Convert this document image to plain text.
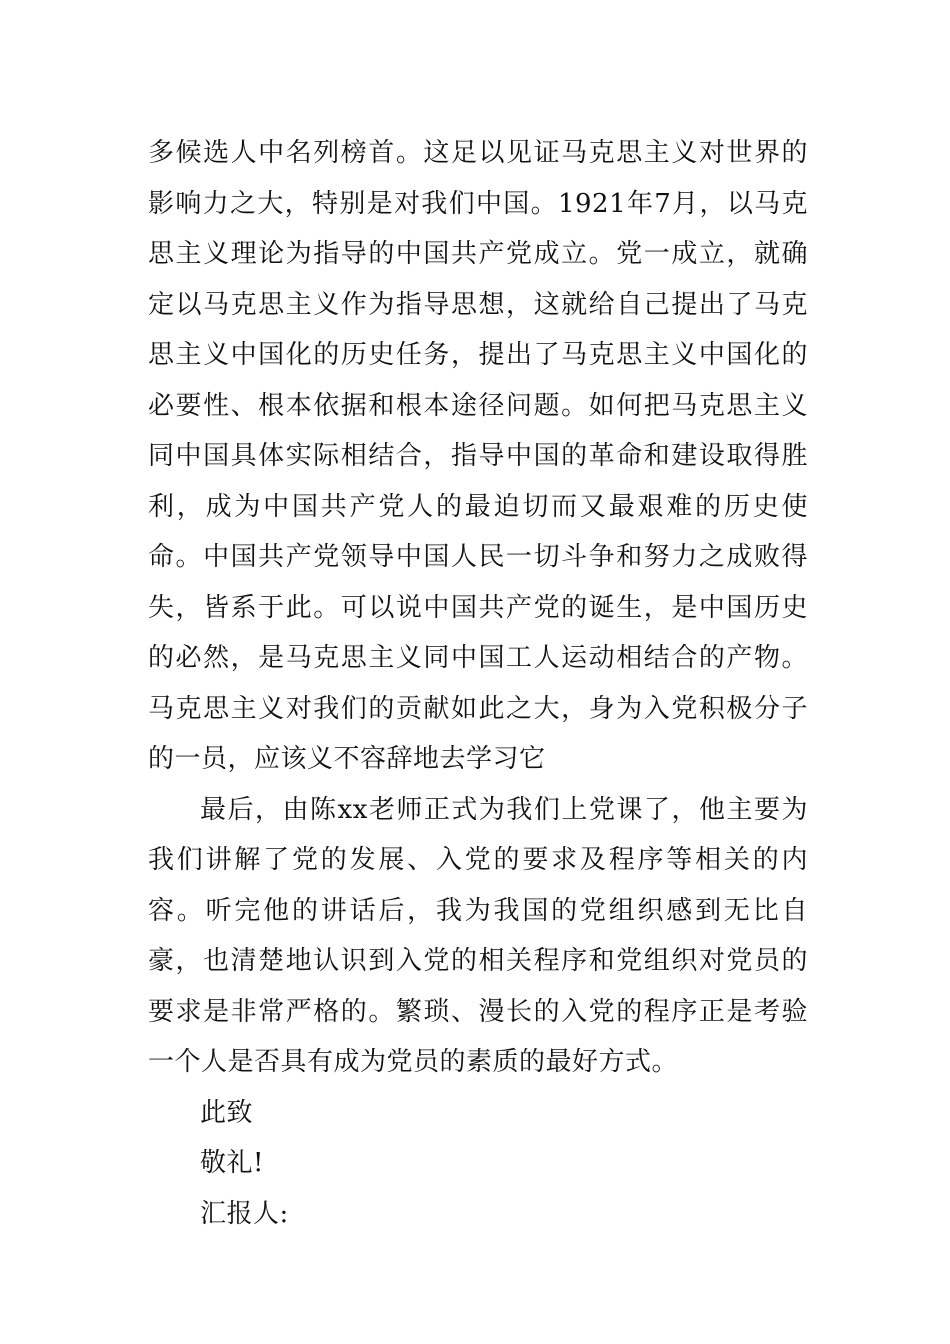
多候选人中名列榜首。这足以见证马克思主义对世界的影响力之大，特别是对我们中国。1921年7月，以马克思主义理论为指导的中国共产党成立。党一成立，就确定以马克思主义作为指导思想，这就给自己提出了马克思主义中国化的历史任务，提出了马克思主义中国化的必要性、根本依据和根本途径问题。如何把马克思主义同中国具体实际相结合，指导中国的革命和建设取得胜利，成为中国共产党人的最迫切而又最艰难的历史使命。中国共产党领导中国人民一切斗争和努力之成败得失，皆系于此。可以说中国共产党的诞生，是中国历史的必然，是马克思主义同中国工人运动相结合的产物。马克思主义对我们的贡献如此之大，身为入党积极分子的一员，应该义不容辞地去学习它

最后，由陈xx老师正式为我们上党课了，他主要为我们讲解了党的发展、入党的要求及程序等相关的内容。听完他的讲话后，我为我国的党组织感到无比自豪，也清楚地认识到入党的相关程序和党组织对党员的要求是非常严格的。繁琐、漫长的入党的程序正是考验一个人是否具有成为党员的素质的最好方式。

此致

敬礼!

汇报人:
